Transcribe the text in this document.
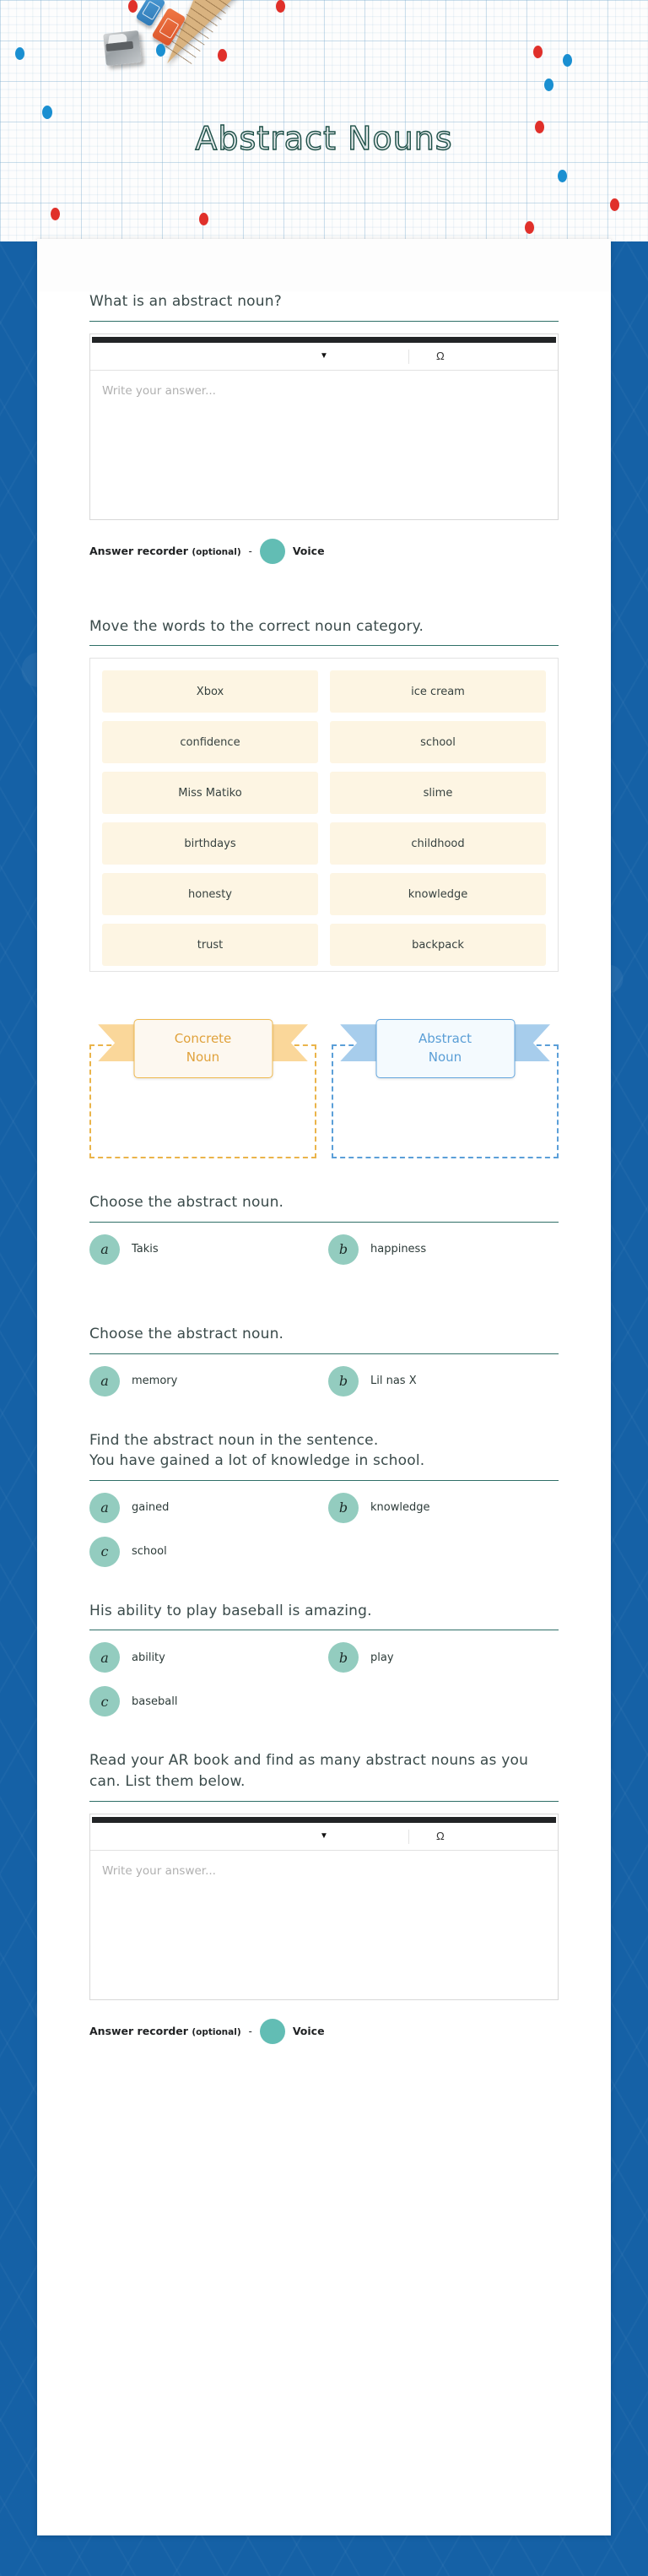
Abstract Nouns
What is an abstract noun?
▼	Ω
Write your answer...
Answer recorder (optional) -	Voice
Move the words to the correct noun category.
Xbox	ice cream
confidence	school
Miss Matiko	slime
birthdays	childhood
honesty	knowledge
trust	backpack
Concrete
Noun
Abstract
Noun
Choose the abstract noun.
a	Takis	b	happiness
Choose the abstract noun.
a	memory	b	Lil nas X
Find the abstract noun in the sentence.
You have gained a lot of knowledge in school.
a	gained	b	knowledge
c	school
His ability to play baseball is amazing.
a	ability	b	play
c	baseball
Read your AR book and find as many abstract nouns as you
can. List them below.
▼	Ω
Write your answer...
Answer recorder (optional) -	Voice
